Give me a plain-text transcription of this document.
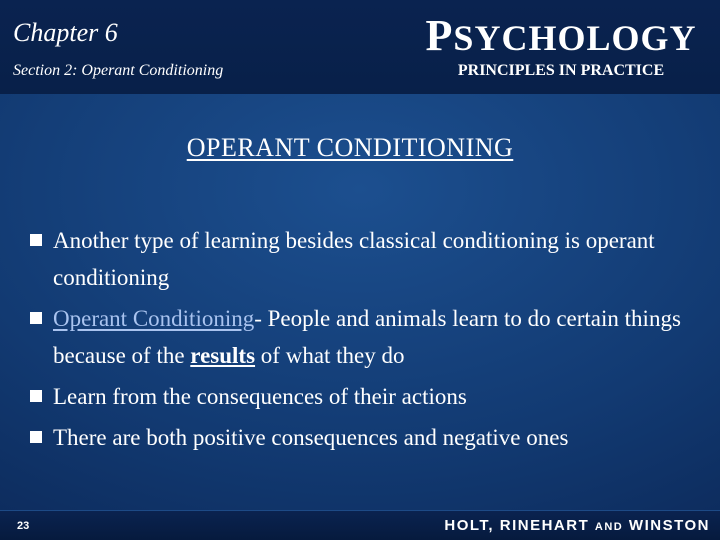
Chapter 6
Section 2: Operant Conditioning
PSYCHOLOGY
PRINCIPLES IN PRACTICE
OPERANT CONDITIONING
Another type of learning besides classical conditioning is operant conditioning
Operant Conditioning- People and animals learn to do certain things because of the results of what they do
Learn from the consequences of their actions
There are both positive consequences and negative ones
23	HOLT, RINEHART AND WINSTON
